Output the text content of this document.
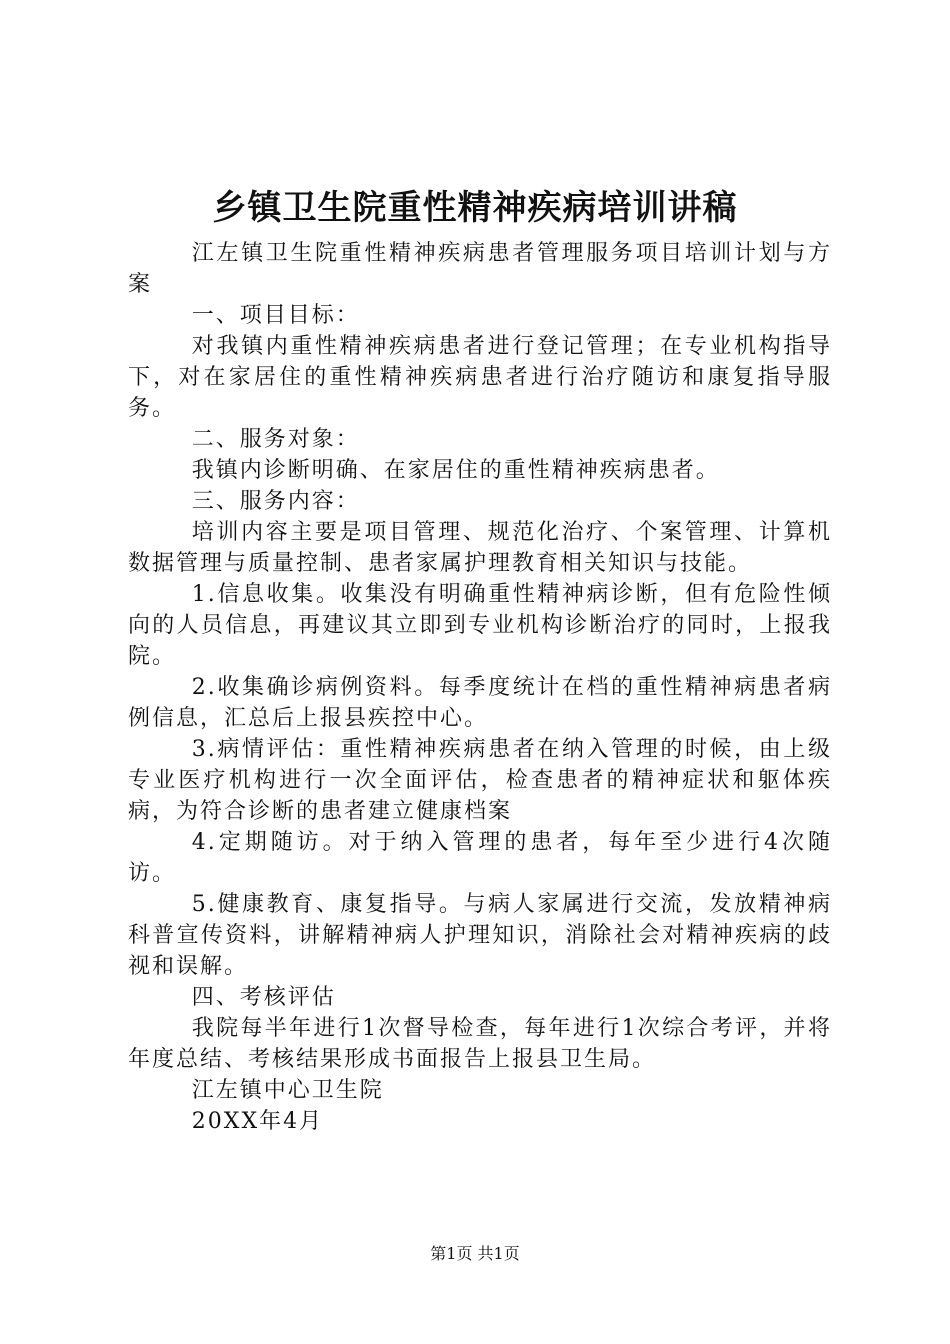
乡镇卫生院重性精神疾病培训讲稿

江左镇卫生院重性精神疾病患者管理服务项目培训计划与方案

一、项目目标：

对我镇内重性精神疾病患者进行登记管理；在专业机构指导下，对在家居住的重性精神疾病患者进行治疗随访和康复指导服务。

二、服务对象：

我镇内诊断明确、在家居住的重性精神疾病患者。

三、服务内容：

培训内容主要是项目管理、规范化治疗、个案管理、计算机数据管理与质量控制、患者家属护理教育相关知识与技能。

1.信息收集。收集没有明确重性精神病诊断，但有危险性倾向的人员信息，再建议其立即到专业机构诊断治疗的同时，上报我院。

2.收集确诊病例资料。每季度统计在档的重性精神病患者病例信息，汇总后上报县疾控中心。

3.病情评估：重性精神疾病患者在纳入管理的时候，由上级专业医疗机构进行一次全面评估，检查患者的精神症状和躯体疾病，为符合诊断的患者建立健康档案

4.定期随访。对于纳入管理的患者，每年至少进行4次随访。

5.健康教育、康复指导。与病人家属进行交流，发放精神病科普宣传资料，讲解精神病人护理知识，消除社会对精神疾病的歧视和误解。

四、考核评估

我院每半年进行1次督导检查，每年进行1次综合考评，并将年度总结、考核结果形成书面报告上报县卫生局。

江左镇中心卫生院

20XX年4月

第1页 共1页
